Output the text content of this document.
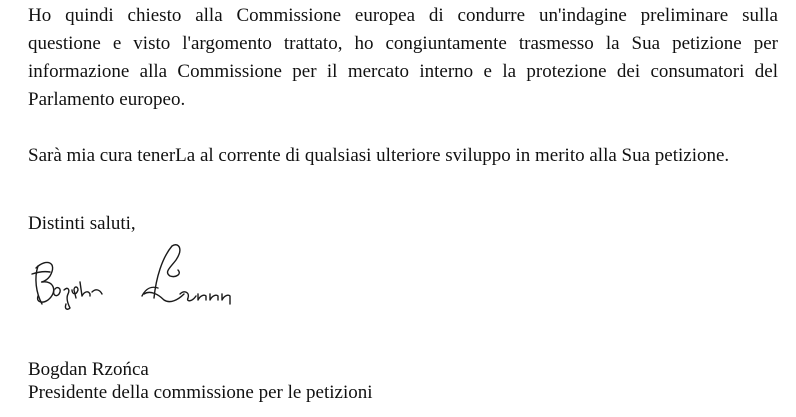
Ho quindi chiesto alla Commissione europea di condurre un'indagine preliminare sulla
questione e visto l'argomento trattato, ho congiuntamente trasmesso la Sua petizione per
informazione alla Commissione per il mercato interno e la protezione dei consumatori del
Parlamento europeo.

Sarà mia cura tenerLa al corrente di qualsiasi ulteriore sviluppo in merito alla Sua petizione.

Distinti saluti,

Bogdan Rzońca

Presidente della commissione per le petizioni
